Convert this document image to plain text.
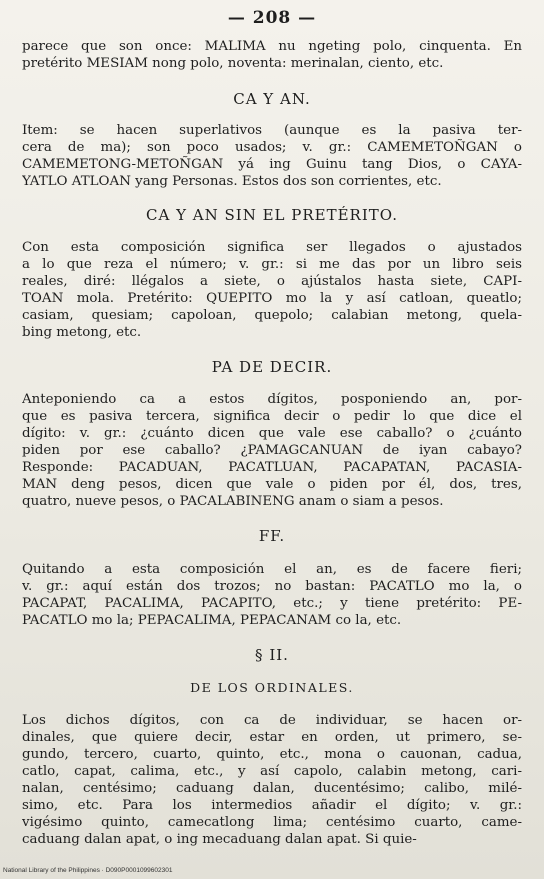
— 208 —
parece que son once: MALIMA nu ngeting polo, cinquenta. En
pretérito MESIAM nong polo, noventa: merinalan, ciento, etc.
CA Y AN.
Item: se hacen superlativos (aunque es la pasiva ter-
cera de ma); son poco usados; v. gr.: CAMEMETOÑGAN o
CAMEMETONG-METOÑGAN yá ing Guinu tang Dios, o CAYA-
YATLO ATLOAN yang Personas. Estos dos son corrientes, etc.
CA Y AN SIN EL PRETÉRITO.
Con esta composición significa ser llegados o ajustados
a lo que reza el número; v. gr.: si me das por un libro seis
reales, diré: llégalos a siete, o ajústalos hasta siete, CAPI-
TOAN mola. Pretérito: QUEPITO mo la y así catloan, queatlo;
casiam, quesiam; capoloan, quepolo; calabian metong, quela-
bing metong, etc.
PA DE DECIR.
Anteponiendo ca a estos dígitos, posponiendo an, por-
que es pasiva tercera, significa decir o pedir lo que dice el
dígito: v. gr.: ¿cuánto dicen que vale ese caballo? o ¿cuánto
piden por ese caballo? ¿PAMAGCANUAN de iyan cabayo?
Responde: PACADUAN, PACATLUAN, PACAPATAN, PACASIA-
MAN deng pesos, dicen que vale o piden por él, dos, tres,
quatro, nueve pesos, o PACALABINENG anam o siam a pesos.
FF.
Quitando a esta composición el an, es de facere fieri;
v. gr.: aquí están dos trozos; no bastan: PACATLO mo la, o
PACAPAT, PACALIMA, PACAPITO, etc.; y tiene pretérito: PE-
PACATLO mo la; PEPACALIMA, PEPACANAM co la, etc.
§ II.
DE LOS ORDINALES.
Los dichos dígitos, con ca de individuar, se hacen or-
dinales, que quiere decir, estar en orden, ut primero, se-
gundo, tercero, cuarto, quinto, etc., mona o cauonan, cadua,
catlo, capat, calima, etc., y así capolo, calabin metong, cari-
nalan, centésimo; caduang dalan, ducentésimo; calibo, milé-
simo, etc. Para los intermedios añadir el dígito; v. gr.:
vigésimo quinto, camecatlong lima; centésimo cuarto, came-
caduang dalan apat, o ing mecaduang dalan apat. Si quie-
National Library of the Philippines · D090P0001099602301
